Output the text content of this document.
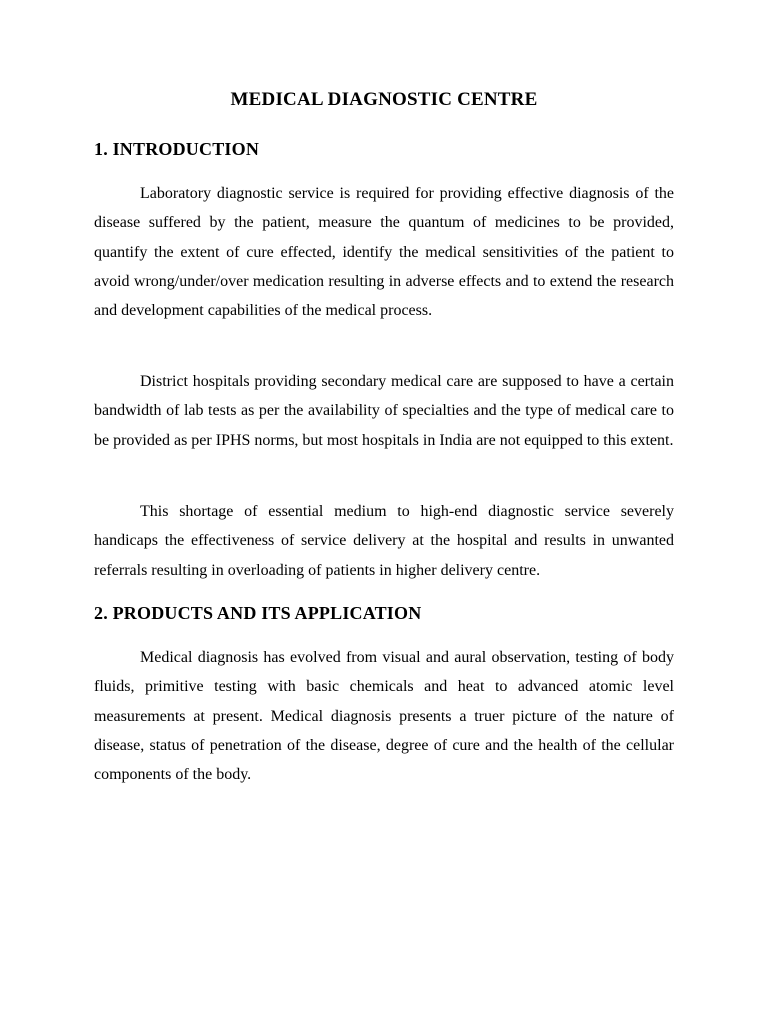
MEDICAL DIAGNOSTIC CENTRE
1. INTRODUCTION

Laboratory diagnostic service is required for providing effective diagnosis of the disease suffered by the patient, measure the quantum of medicines to be provided, quantify the extent of cure effected, identify the medical sensitivities of the patient to avoid wrong/under/over medication resulting in adverse effects and to extend the research and development capabilities of the medical process.

District hospitals providing secondary medical care are supposed to have a certain bandwidth of lab tests as per the availability of specialties and the type of medical care to be provided as per IPHS norms, but most hospitals in India are not equipped to this extent.

This shortage of essential medium to high-end diagnostic service severely handicaps the effectiveness of service delivery at the hospital and results in unwanted referrals resulting in overloading of patients in higher delivery centre.

2. PRODUCTS AND ITS APPLICATION

Medical diagnosis has evolved from visual and aural observation, testing of body fluids, primitive testing with basic chemicals and heat to advanced atomic level measurements at present. Medical diagnosis presents a truer picture of the nature of disease, status of penetration of the disease, degree of cure and the health of the cellular components of the body.
